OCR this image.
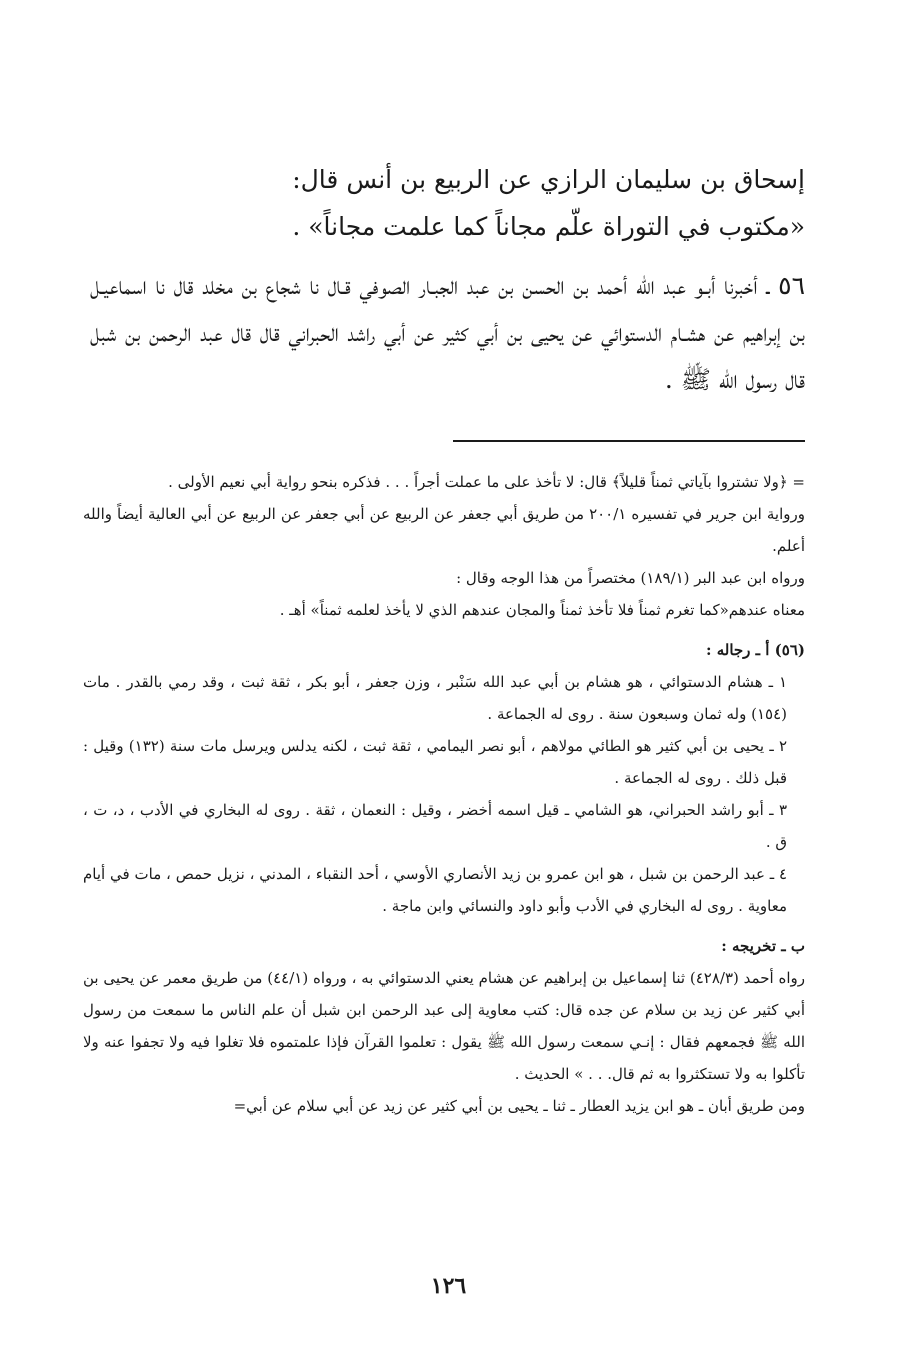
إسحاق بن سليمان الرازي عن الربيع بن أنس قال:

«مكتوب في التوراة علّم مجاناً كما علمت مجاناً» .

٥٦ ـ أخبرنا أبـو عبد الله أحمد بن الحسن بن عبد الجبـار الصوفي قـال نا شجاع بن مخلد قال نا اسماعيـل بن إبراهيم عن هشـام الدستوائي عن يحيى بن أبي كثير عن أبي راشد الحبراني قال قال عبد الرحمن بن شبل قال رسول الله ﷺ .

= ﴿ولا تشتروا بآياتي ثمناً قليلاً﴾ قال: لا تأخذ على ما عملت أجراً . . . فذكره بنحو رواية أبي نعيم الأولى .

ورواية ابن جرير في تفسيره ٢٠٠/١ من طريق أبي جعفر عن الربيع عن أبي جعفر عن الربيع عن أبي العالية أيضاً والله أعلم.

ورواه ابن عبد البر (١٨٩/١) مختصراً من هذا الوجه وقال :

معناه عندهم«كما تغرم ثمناً فلا تأخذ ثمناً والمجان عندهم الذي لا يأخذ لعلمه ثمناً» أهـ .

(٥٦) أ ـ رجاله :

١ ـ هشام الدستوائي ، هو هشام بن أبي عبد الله سَنْبر ، وزن جعفر ، أبو بكر ، ثقة ثبت ، وقد رمي بالقدر . مات (١٥٤) وله ثمان وسبعون سنة . روى له الجماعة .

٢ ـ يحيى بن أبي كثير هو الطائي مولاهم ، أبو نصر اليمامي ، ثقة ثبت ، لكنه يدلس ويرسل مات سنة (١٣٢) وقيل : قبل ذلك . روى له الجماعة .

٣ ـ أبو راشد الحبراني، هو الشامي ـ قيل اسمه أخضر ، وقيل : النعمان ، ثقة . روى له البخاري في الأدب ، د، ت ، ق .

٤ ـ عبد الرحمن بن شبل ، هو ابن عمرو بن زيد الأنصاري الأوسي ، أحد النقباء ، المدني ، نزيل حمص ، مات في أيام معاوية . روى له البخاري في الأدب وأبو داود والنسائي وابن ماجة .

ب ـ تخريجه :

رواه أحمد (٤٢٨/٣) ثنا إسماعيل بن إبراهيم عن هشام يعني الدستوائي به ، ورواه (٤٤/١) من طريق معمر عن يحيى بن أبي كثير عن زيد بن سلام عن جده قال: كتب معاوية إلى عبد الرحمن ابن شبل أن علم الناس ما سمعت من رسول الله ﷺ فجمعهم فقال : إنـي سمعت رسول الله ﷺ يقول : تعلموا القرآن فإذا علمتموه فلا تغلوا فيه ولا تجفوا عنه ولا تأكلوا به ولا تستكثروا به ثم قال. . . » الحديث .

ومن طريق أبان ـ هو ابن يزيد العطار ـ ثنا ـ يحيى بن أبي كثير عن زيد عن أبي سلام عن أبي=

١٢٦
